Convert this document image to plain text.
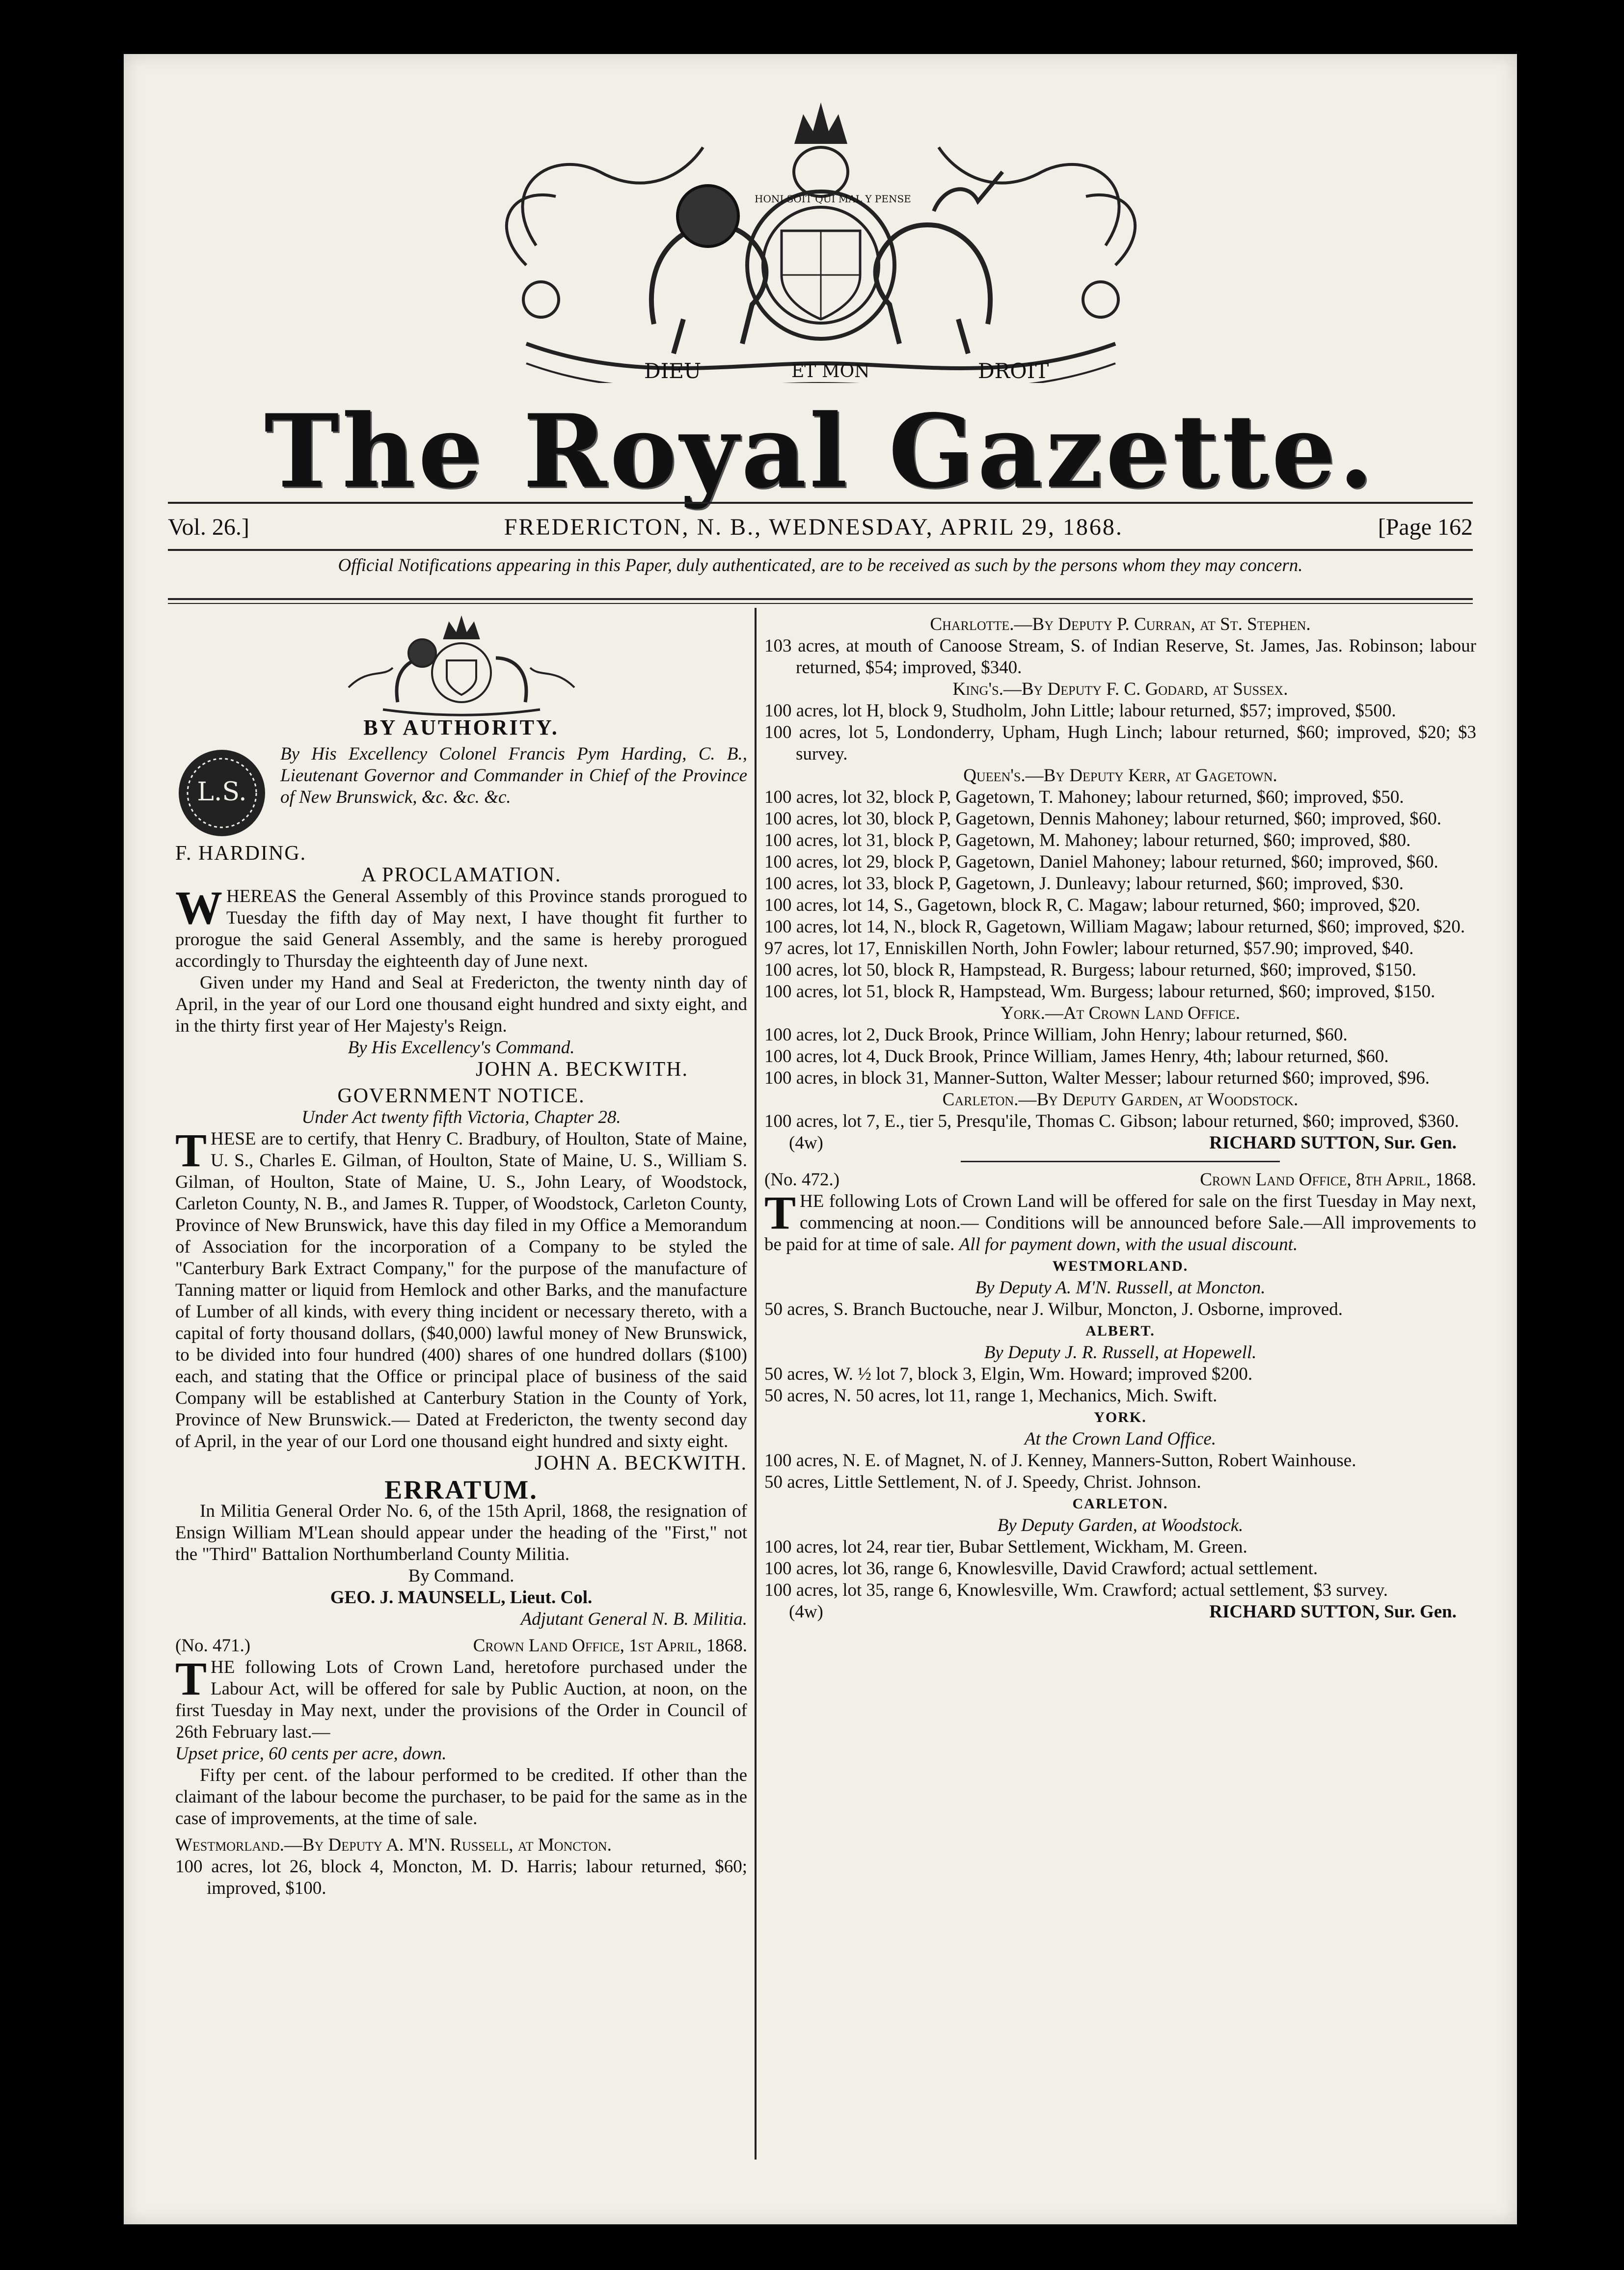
DIEU	ET MON	DROIT
HONI SOIT QUI MAL Y PENSE
The Royal Gazette.
Vol. 26.]	FREDERICTON, N. B., WEDNESDAY, APRIL 29, 1868.	[Page 162
Official Notifications appearing in this Paper, duly authenticated, are to be received as such by the persons whom they may concern.

BY AUTHORITY.

L.S.

By His Excellency Colonel Francis Pym Harding, C. B., Lieutenant Governor and Commander in Chief of the Province of New Brunswick, &c. &c. &c.

F. HARDING.

A PROCLAMATION.

WHEREAS the General Assembly of this Province stands prorogued to Tuesday the fifth day of May next, I have thought fit further to prorogue the said General Assembly, and the same is hereby prorogued accordingly to Thursday the eighteenth day of June next.

Given under my Hand and Seal at Fredericton, the twenty ninth day of April, in the year of our Lord one thousand eight hundred and sixty eight, and in the thirty first year of Her Majesty's Reign.

By His Excellency's Command.

JOHN A. BECKWITH.

GOVERNMENT NOTICE.

Under Act twenty fifth Victoria, Chapter 28.

THESE are to certify, that Henry C. Bradbury, of Houlton, State of Maine, U. S., Charles E. Gilman, of Houlton, State of Maine, U. S., William S. Gilman, of Houlton, State of Maine, U. S., John Leary, of Woodstock, Carleton County, N. B., and James R. Tupper, of Woodstock, Carleton County, Province of New Brunswick, have this day filed in my Office a Memorandum of Association for the incorporation of a Company to be styled the "Canterbury Bark Extract Company," for the purpose of the manufacture of Tanning matter or liquid from Hemlock and other Barks, and the manufacture of Lumber of all kinds, with every thing incident or necessary thereto, with a capital of forty thousand dollars, ($40,000) lawful money of New Brunswick, to be divided into four hundred (400) shares of one hundred dollars ($100) each, and stating that the Office or principal place of business of the said Company will be established at Canterbury Station in the County of York, Province of New Brunswick.— Dated at Fredericton, the twenty second day of April, in the year of our Lord one thousand eight hundred and sixty eight.

JOHN A. BECKWITH.

ERRATUM.

In Militia General Order No. 6, of the 15th April, 1868, the resignation of Ensign William M'Lean should appear under the heading of the "First," not the "Third" Battalion Northumberland County Militia.

By Command.

GEO. J. MAUNSELL, Lieut. Col.

Adjutant General N. B. Militia.

(No. 471.)	Crown Land Office, 1st April, 1868.

THE following Lots of Crown Land, heretofore purchased under the Labour Act, will be offered for sale by Public Auction, at noon, on the first Tuesday in May next, under the provisions of the Order in Council of 26th February last.—

Upset price, 60 cents per acre, down.

Fifty per cent. of the labour performed to be credited. If other than the claimant of the labour become the purchaser, to be paid for the same as in the case of improvements, at the time of sale.

Westmorland.—By Deputy A. M'N. Russell, at Moncton.

100 acres, lot 26, block 4, Moncton, M. D. Harris; labour returned, $60; improved, $100.

Charlotte.—By Deputy P. Curran, at St. Stephen.

103 acres, at mouth of Canoose Stream, S. of Indian Reserve, St. James, Jas. Robinson; labour returned, $54; improved, $340.

King's.—By Deputy F. C. Godard, at Sussex.

100 acres, lot H, block 9, Studholm, John Little; labour returned, $57; improved, $500.

100 acres, lot 5, Londonderry, Upham, Hugh Linch; labour returned, $60; improved, $20; $3 survey.

Queen's.—By Deputy Kerr, at Gagetown.

100 acres, lot 32, block P, Gagetown, T. Mahoney; labour returned, $60; improved, $50.

100 acres, lot 30, block P, Gagetown, Dennis Mahoney; labour returned, $60; improved, $60.

100 acres, lot 31, block P, Gagetown, M. Mahoney; labour returned, $60; improved, $80.

100 acres, lot 29, block P, Gagetown, Daniel Mahoney; labour returned, $60; improved, $60.

100 acres, lot 33, block P, Gagetown, J. Dunleavy; labour returned, $60; improved, $30.

100 acres, lot 14, S., Gagetown, block R, C. Magaw; labour returned, $60; improved, $20.

100 acres, lot 14, N., block R, Gagetown, William Magaw; labour returned, $60; improved, $20.

97 acres, lot 17, Enniskillen North, John Fowler; labour returned, $57.90; improved, $40.

100 acres, lot 50, block R, Hampstead, R. Burgess; labour returned, $60; improved, $150.

100 acres, lot 51, block R, Hampstead, Wm. Burgess; labour returned, $60; improved, $150.

York.—At Crown Land Office.

100 acres, lot 2, Duck Brook, Prince William, John Henry; labour returned, $60.

100 acres, lot 4, Duck Brook, Prince William, James Henry, 4th; labour returned, $60.

100 acres, in block 31, Manner-Sutton, Walter Messer; labour returned $60; improved, $96.

Carleton.—By Deputy Garden, at Woodstock.

100 acres, lot 7, E., tier 5, Presqu'ile, Thomas C. Gibson; labour returned, $60; improved, $360.

(4w)	RICHARD SUTTON, Sur. Gen.
(No. 472.)	Crown Land Office, 8th April, 1868.

THE following Lots of Crown Land will be offered for sale on the first Tuesday in May next, commencing at noon.— Conditions will be announced before Sale.—All improvements to be paid for at time of sale. All for payment down, with the usual discount.

WESTMORLAND.

By Deputy A. M'N. Russell, at Moncton.

50 acres, S. Branch Buctouche, near J. Wilbur, Moncton, J. Osborne, improved.

ALBERT.

By Deputy J. R. Russell, at Hopewell.

50 acres, W. ½ lot 7, block 3, Elgin, Wm. Howard; improved $200.

50 acres, N. 50 acres, lot 11, range 1, Mechanics, Mich. Swift.

YORK.

At the Crown Land Office.

100 acres, N. E. of Magnet, N. of J. Kenney, Manners-Sutton, Robert Wainhouse.

50 acres, Little Settlement, N. of J. Speedy, Christ. Johnson.

CARLETON.

By Deputy Garden, at Woodstock.

100 acres, lot 24, rear tier, Bubar Settlement, Wickham, M. Green.

100 acres, lot 36, range 6, Knowlesville, David Crawford; actual settlement.

100 acres, lot 35, range 6, Knowlesville, Wm. Crawford; actual settlement, $3 survey.

(4w)	RICHARD SUTTON, Sur. Gen.
